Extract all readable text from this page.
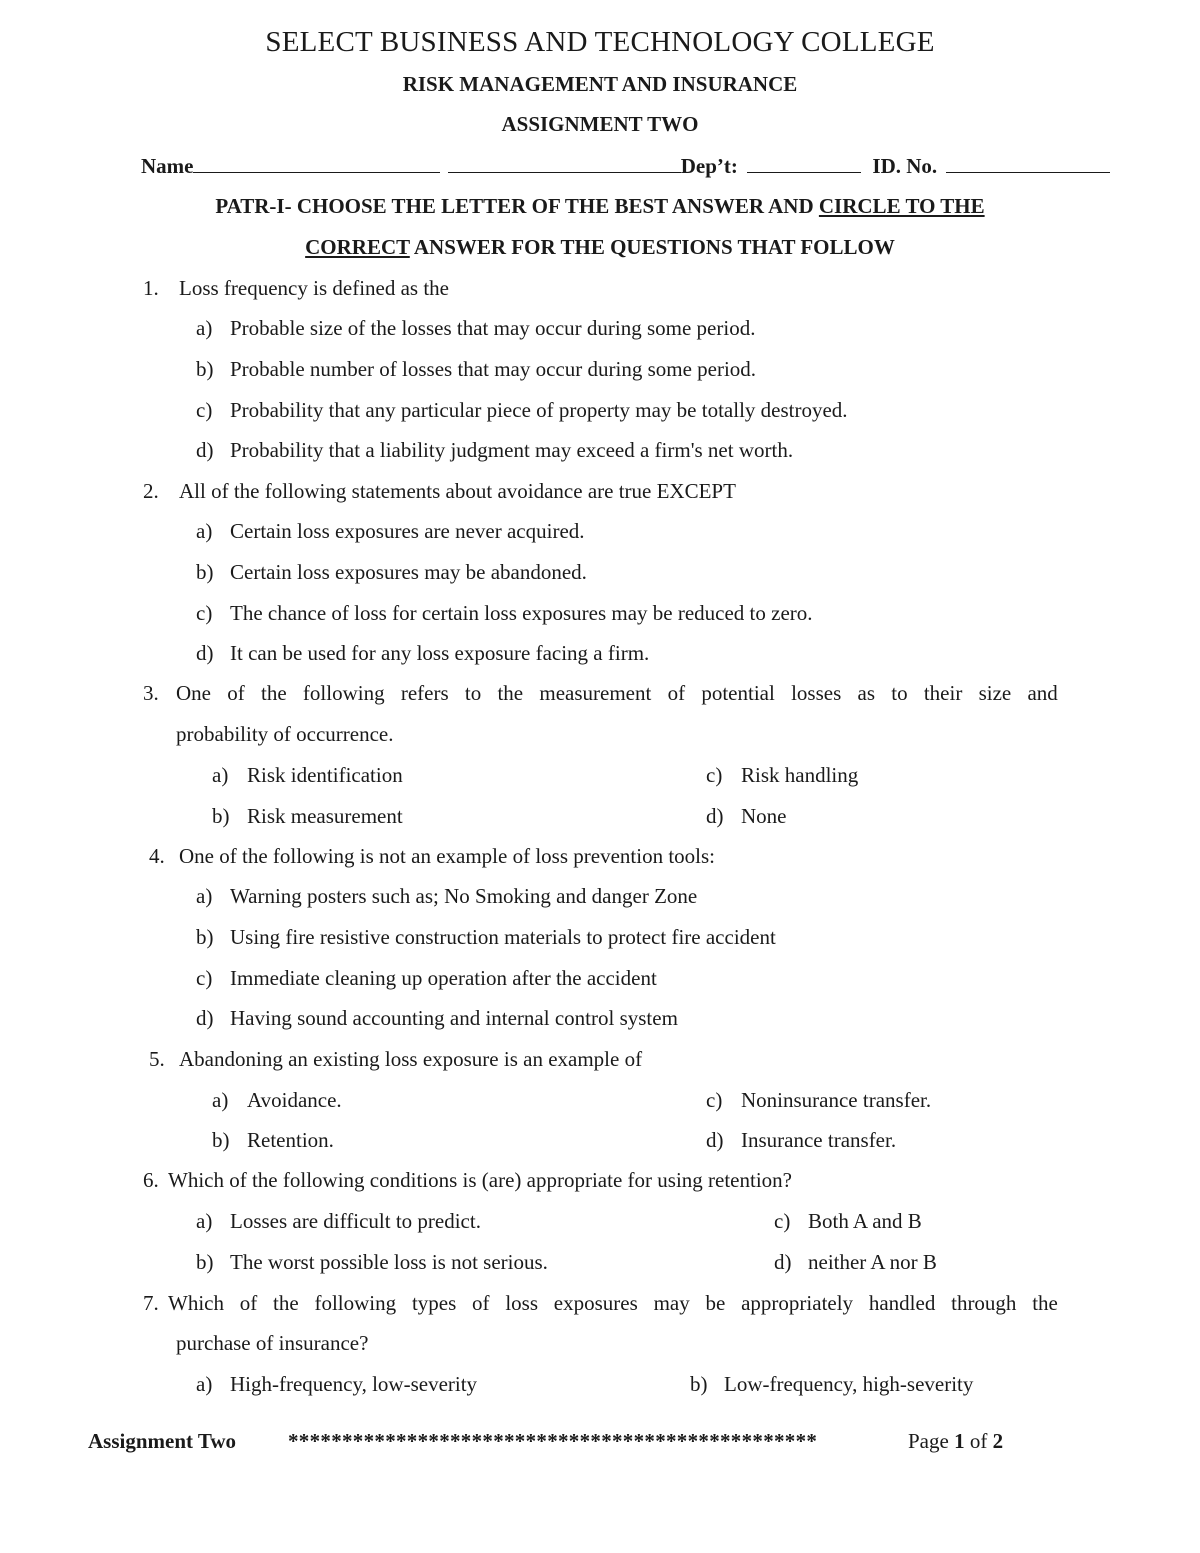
SELECT BUSINESS AND TECHNOLOGY COLLEGE
RISK MANAGEMENT AND INSURANCE
ASSIGNMENT TWO
Name	Dep’t:	ID. No.
PATR-I- CHOOSE THE LETTER OF THE BEST ANSWER AND CIRCLE TO THE
CORRECT ANSWER FOR THE QUESTIONS THAT FOLLOW
1. Loss frequency is defined as the
a) Probable size of the losses that may occur during some period.
b) Probable number of losses that may occur during some period.
c) Probability that any particular piece of property may be totally destroyed.
d) Probability that a liability judgment may exceed a firm's net worth.
2. All of the following statements about avoidance are true EXCEPT
a) Certain loss exposures are never acquired.
b) Certain loss exposures may be abandoned.
c) The chance of loss for certain loss exposures may be reduced to zero.
d) It can be used for any loss exposure facing a firm.
3. One of the following refers to the measurement of potential losses as to their size and
probability of occurrence.
a) Risk identification	c) Risk handling
b) Risk measurement	d) None
4. One of the following is not an example of loss prevention tools:
a) Warning posters such as; No Smoking and danger Zone
b) Using fire resistive construction materials to protect fire accident
c) Immediate cleaning up operation after the accident
d) Having sound accounting and internal control system
5. Abandoning an existing loss exposure is an example of
a) Avoidance.	c) Noninsurance transfer.
b) Retention.	d) Insurance transfer.
6. Which of the following conditions is (are) appropriate for using retention?
a) Losses are difficult to predict.	c) Both A and B
b) The worst possible loss is not serious.	d) neither A nor B
7. Which of the following types of loss exposures may be appropriately handled through the
purchase of insurance?
a) High-frequency, low-severity	b) Low-frequency, high-severity
Assignment Two *************************************************	Page 1 of 2
